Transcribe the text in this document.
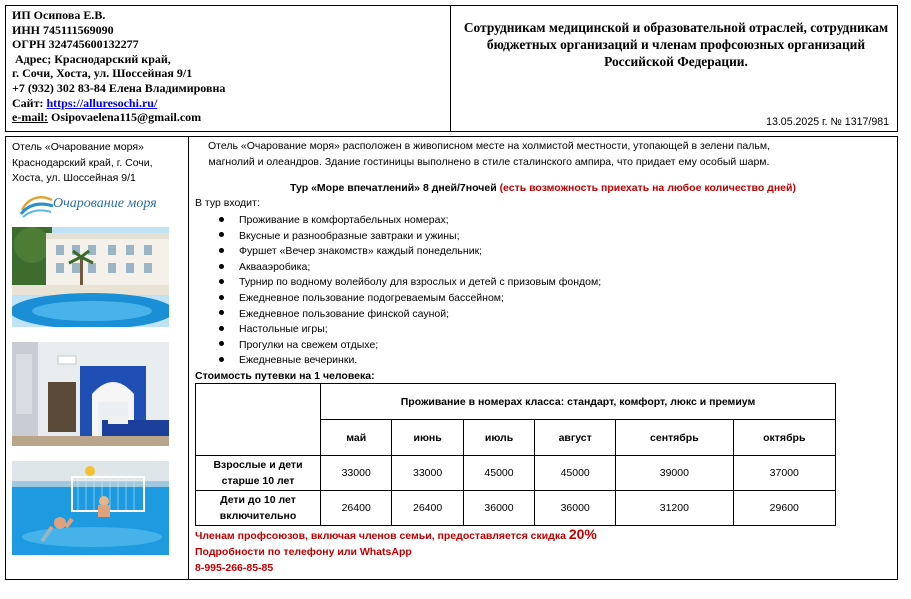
ИП Осипова Е.В.
ИНН 745111569090
ОГРН 324745600132277
Адрес; Краснодарский край,
г. Сочи, Хоста, ул. Шоссейная 9/1
+7 (932) 302 83-84 Елена Владимировна
Сайт: https://alluresochi.ru/
e-mail: Osipovaelena115@gmail.com
Сотрудникам медицинской и образовательной отраслей, сотрудникам бюджетных организаций и членам профсоюзных организаций Российской Федерации.
13.05.2025 г. № 1317/981
Отель «Очарование моря» Краснодарский край, г. Сочи, Хоста, ул. Шоссейная 9/1
Очарование моря
Отель «Очарование моря» расположен в живописном месте на холмистой местности, утопающей в зелени пальм, магнолий и олеандров. Здание гостиницы выполнено в стиле сталинского ампира, что придает ему особый шарм.
Тур «Море впечатлений» 8 дней/7ночей (есть возможность приехать на любое количество дней)
В тур входит:
Проживание в комфортабельных номерах;
Вкусные и разнообразные завтраки и ужины;
Фуршет «Вечер знакомств» каждый понедельник;
Аквааэробика;
Турнир по водному волейболу для взрослых и детей с призовым фондом;
Ежедневное пользование подогреваемым бассейном;
Ежедневное пользование финской сауной;
Настольные игры;
Прогулки на свежем отдыхе;
Ежедневные вечеринки.
Стоимость путевки на 1 человека:
	Проживание в номерах класса: стандарт, комфорт, люкс и премиум					
	май	июнь	июль	август	сентябрь	октябрь
Взрослые и дети старше 10 лет	33000	33000	45000	45000	39000	37000
Дети до 10 лет включительно	26400	26400	36000	36000	31200	29600
Членам профсоюзов, включая членов семьи, предоставляется скидка 20%
Подробности по телефону или WhatsApp
8-995-266-85-85
